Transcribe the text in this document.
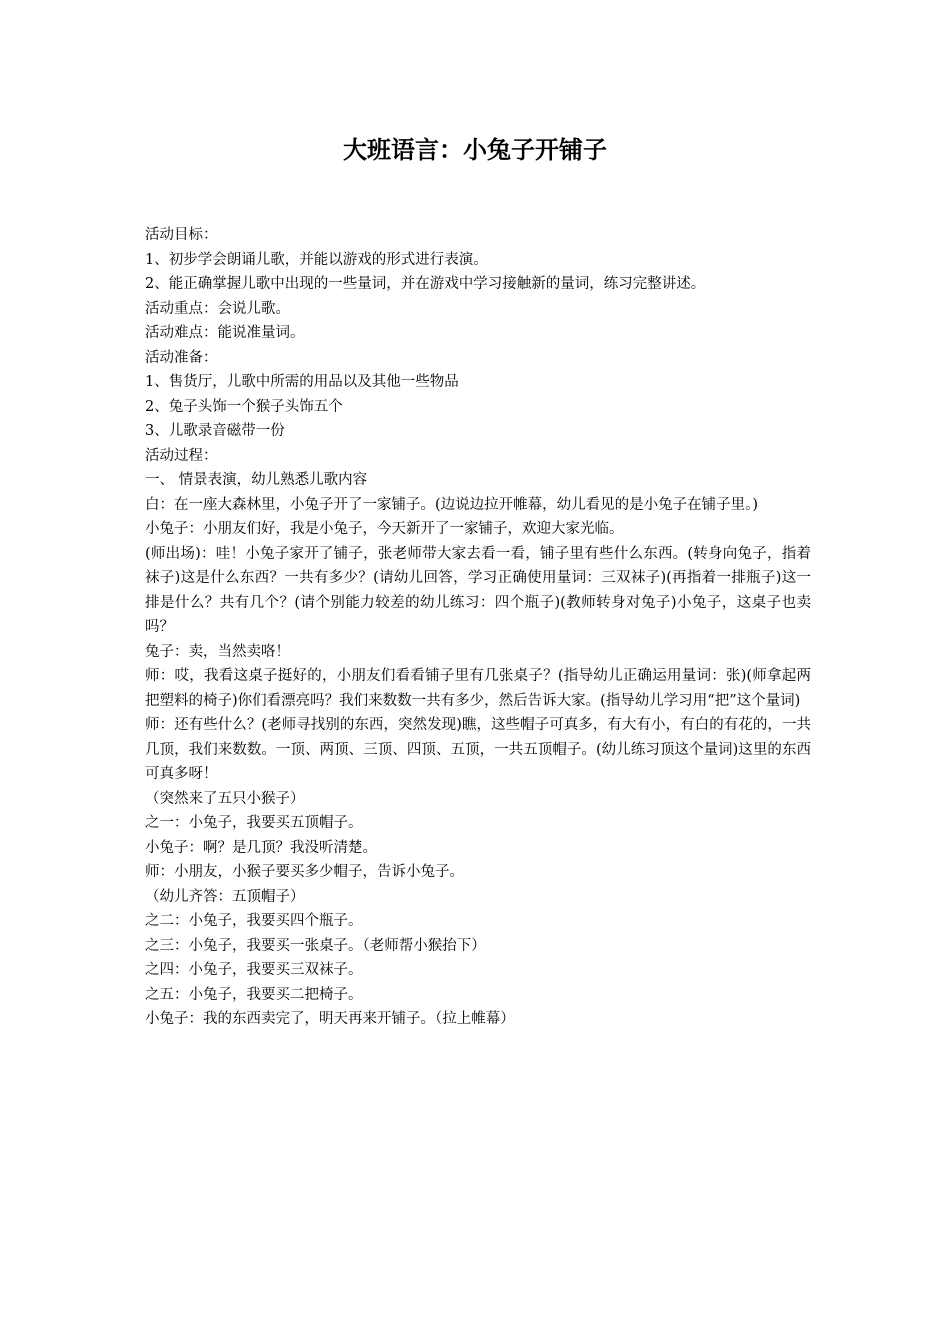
大班语言：小兔子开铺子

活动目标：

1、初步学会朗诵儿歌，并能以游戏的形式进行表演。

2、能正确掌握儿歌中出现的一些量词，并在游戏中学习接触新的量词，练习完整讲述。

活动重点：会说儿歌。

活动难点：能说准量词。

活动准备：

1、售货厅，儿歌中所需的用品以及其他一些物品

2、兔子头饰一个猴子头饰五个

3、儿歌录音磁带一份

活动过程：

一、 情景表演，幼儿熟悉儿歌内容

白：在一座大森林里，小兔子开了一家铺子。(边说边拉开帷幕，幼儿看见的是小兔子在铺子里。)

小兔子：小朋友们好，我是小兔子，今天新开了一家铺子，欢迎大家光临。

(师出场)：哇！小兔子家开了铺子，张老师带大家去看一看，铺子里有些什么东西。(转身向兔子，指着袜子)这是什么东西？一共有多少？(请幼儿回答，学习正确使用量词：三双袜子)(再指着一排瓶子)这一排是什么？共有几个？(请个别能力较差的幼儿练习：四个瓶子)(教师转身对兔子)小兔子，这桌子也卖吗？

兔子：卖，当然卖咯！

师：哎，我看这桌子挺好的，小朋友们看看铺子里有几张桌子？(指导幼儿正确运用量词：张)(师拿起两把塑料的椅子)你们看漂亮吗？我们来数数一共有多少，然后告诉大家。(指导幼儿学习用“把”这个量词)

师：还有些什么？(老师寻找别的东西，突然发现)瞧，这些帽子可真多，有大有小，有白的有花的，一共几顶，我们来数数。一顶、两顶、三顶、四顶、五顶，一共五顶帽子。(幼儿练习顶这个量词)这里的东西可真多呀！

（突然来了五只小猴子）

之一：小兔子，我要买五顶帽子。

小兔子：啊？是几顶？我没听清楚。

师：小朋友，小猴子要买多少帽子，告诉小兔子。

（幼儿齐答：五顶帽子）

之二：小兔子，我要买四个瓶子。

之三：小兔子，我要买一张桌子。（老师帮小猴抬下）

之四：小兔子，我要买三双袜子。

之五：小兔子，我要买二把椅子。

小兔子：我的东西卖完了，明天再来开铺子。（拉上帷幕）
